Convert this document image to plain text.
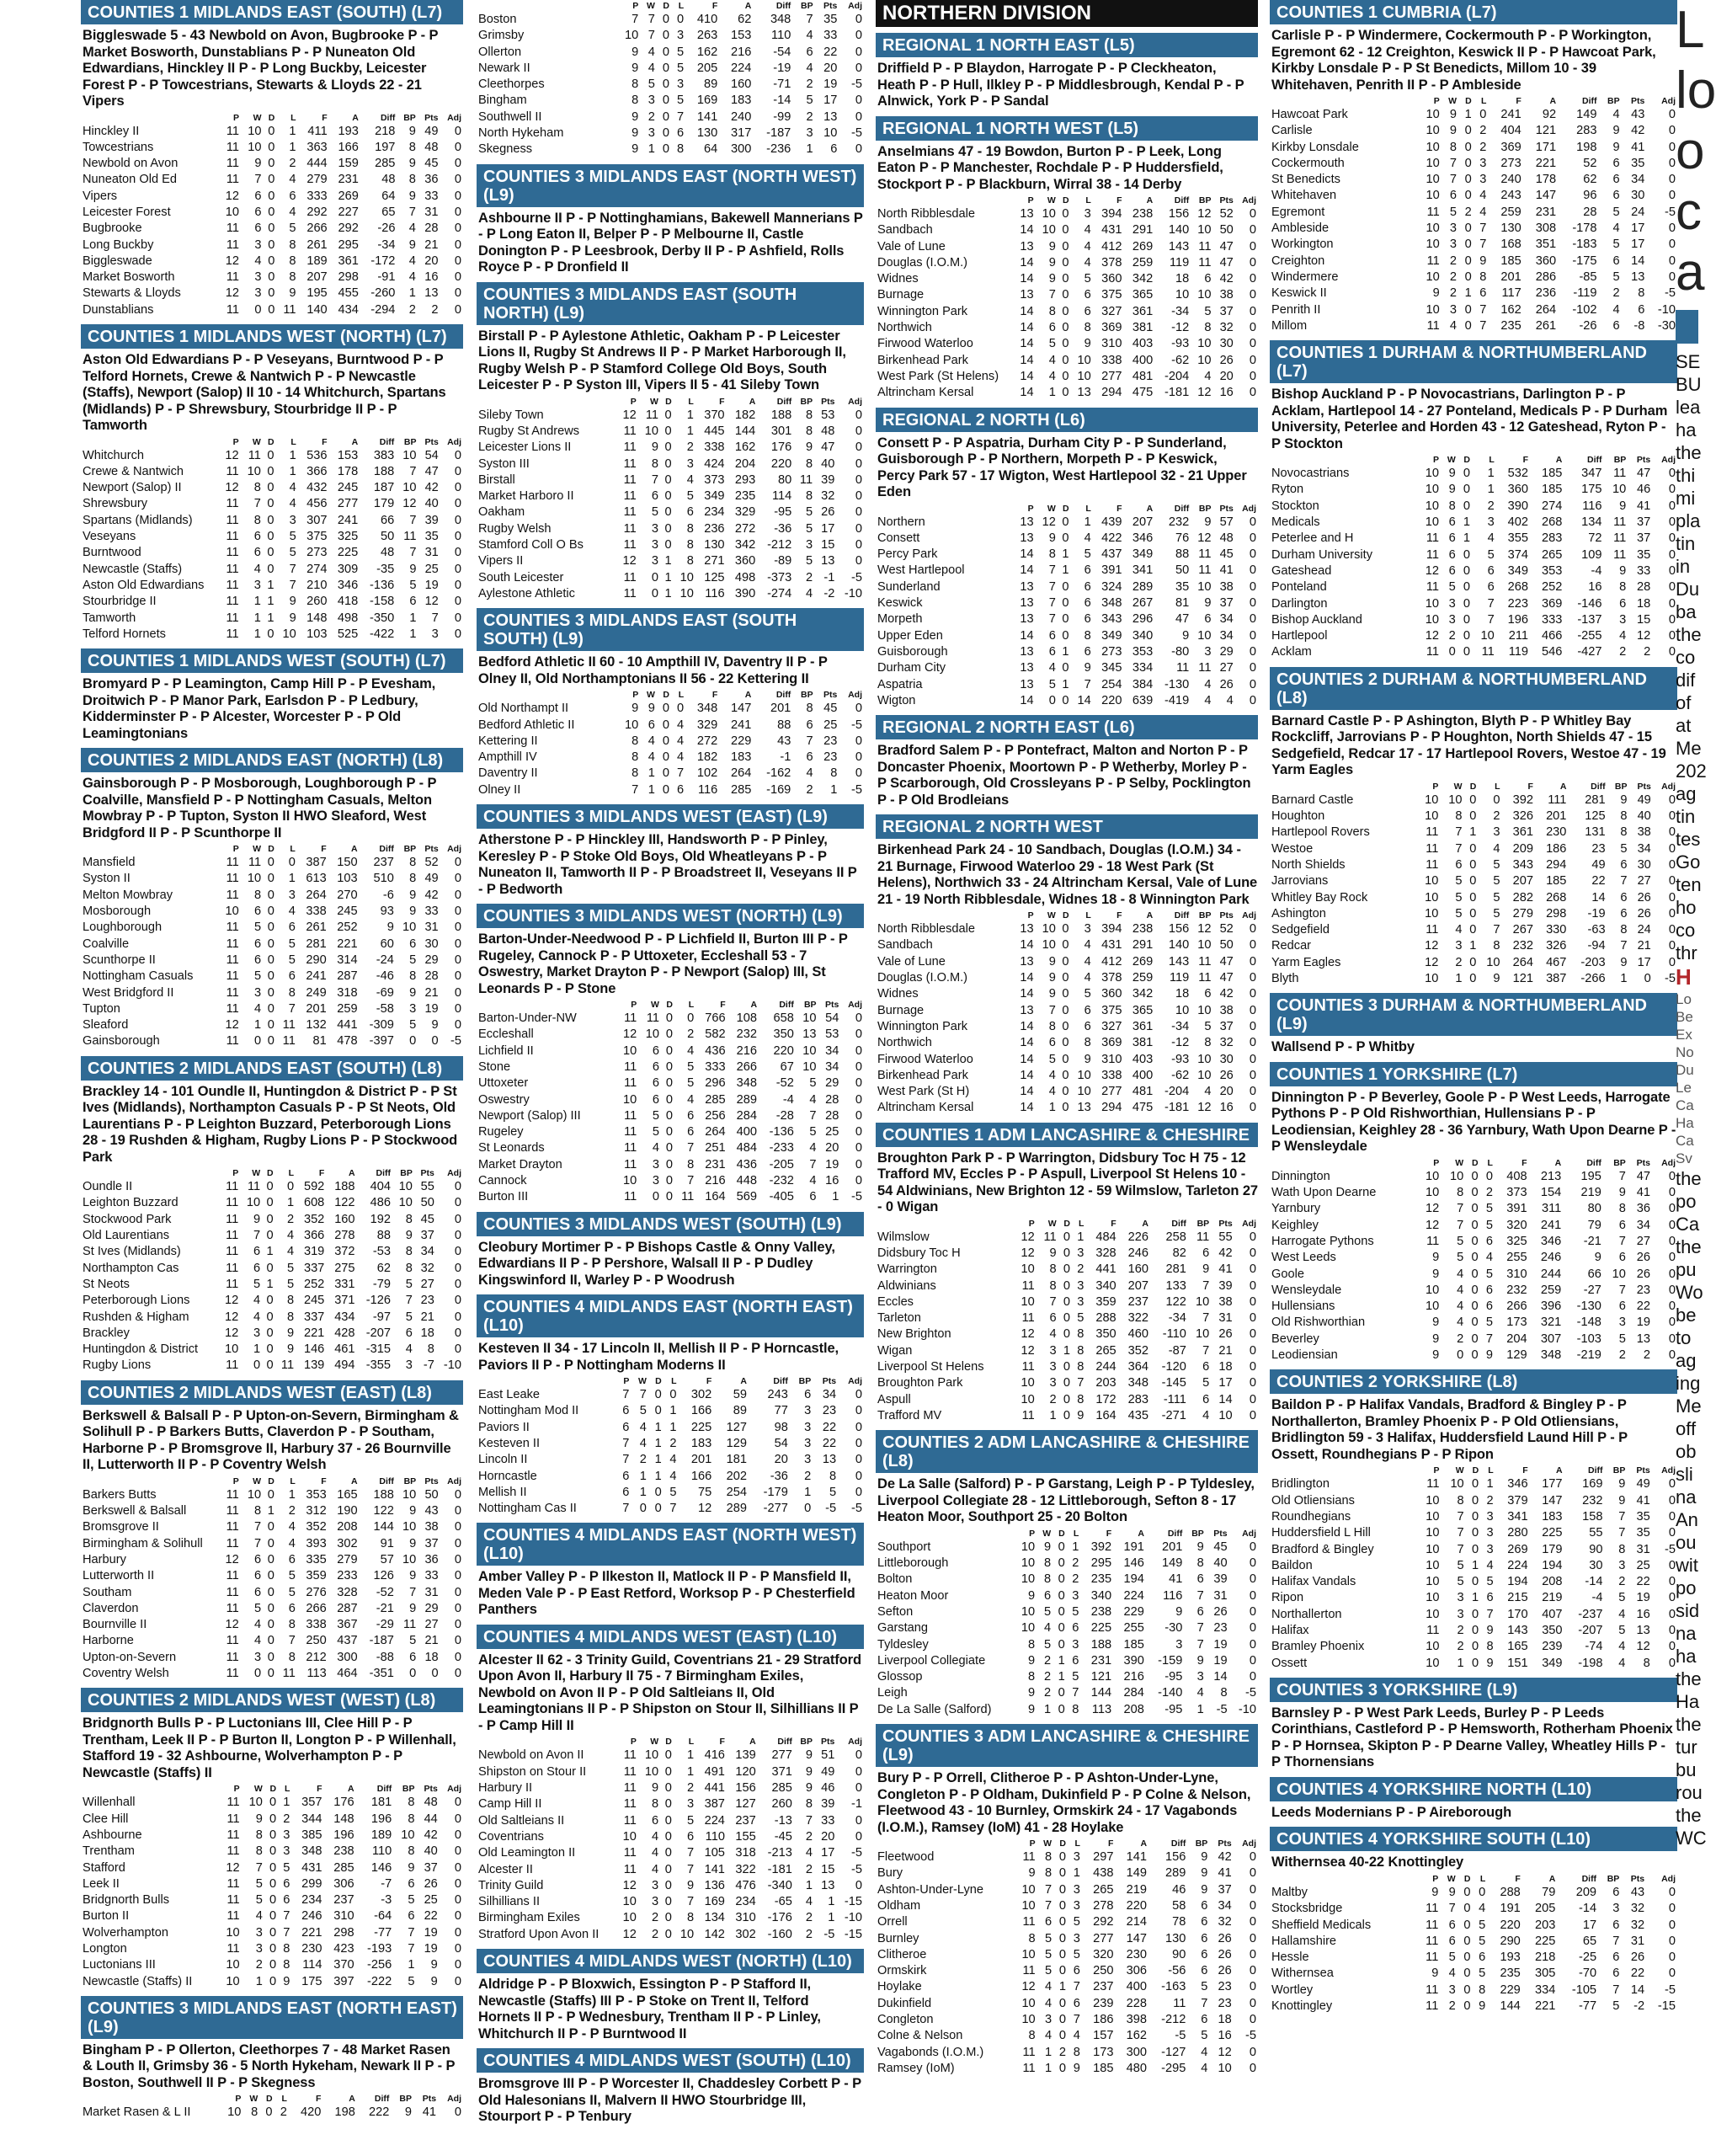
COUNTIES 1 MIDLANDS EAST (SOUTH) (L7)
Biggleswade 5 - 43 Newbold on Avon, Bugbrooke P - P Market Bosworth, Dunstablians P - P Nuneaton Old Edwardians, Hinckley II P - P Long Buckby, Leicester Forest P - P Towcestrians, Stewarts & Lloyds 22 - 21 Vipers
	P	W	D	L	F	A	Diff	BP	Pts	Adj
Hinckley II	11	10	0	1	411	193	218	9	49	0
Towcestrians	11	10	0	1	363	166	197	8	48	0
Newbold on Avon	11	9	0	2	444	159	285	9	45	0
Nuneaton Old Ed	11	7	0	4	279	231	48	8	36	0
Vipers	12	6	0	6	333	269	64	9	33	0
Leicester Forest	10	6	0	4	292	227	65	7	31	0
Bugbrooke	11	6	0	5	266	292	-26	4	28	0
Long Buckby	11	3	0	8	261	295	-34	9	21	0
Biggleswade	12	4	0	8	189	361	-172	4	20	0
Market Bosworth	11	3	0	8	207	298	-91	4	16	0
Stewarts & Lloyds	12	3	0	9	195	455	-260	1	13	0
Dunstablians	11	0	0	11	140	434	-294	2	2	0
COUNTIES 1 MIDLANDS WEST (NORTH) (L7)
Aston Old Edwardians P - P Veseyans, Burntwood P - P Telford Hornets, Crewe & Nantwich P - P Newcastle (Staffs), Newport (Salop) II 10 - 14 Whitchurch, Spartans (Midlands) P - P Shrewsbury, Stourbridge II P - P Tamworth
	P	W	D	L	F	A	Diff	BP	Pts	Adj
Whitchurch	12	11	0	1	536	153	383	10	54	0
Crewe & Nantwich	11	10	0	1	366	178	188	7	47	0
Newport (Salop) II	12	8	0	4	432	245	187	10	42	0
Shrewsbury	11	7	0	4	456	277	179	12	40	0
Spartans (Midlands)	11	8	0	3	307	241	66	7	39	0
Veseyans	11	6	0	5	375	325	50	11	35	0
Burntwood	11	6	0	5	273	225	48	7	31	0
Newcastle (Staffs)	11	4	0	7	274	309	-35	9	25	0
Aston Old Edwardians	11	3	1	7	210	346	-136	5	19	0
Stourbridge II	11	1	1	9	260	418	-158	6	12	0
Tamworth	11	1	1	9	148	498	-350	1	7	0
Telford Hornets	11	1	0	10	103	525	-422	1	3	0
COUNTIES 1 MIDLANDS WEST (SOUTH) (L7)
Bromyard P - P Leamington, Camp Hill P - P Evesham, Droitwich P - P Manor Park, Earlsdon P - P Ledbury, Kidderminster P - P Alcester, Worcester P - P Old Leamingtonians
COUNTIES 2 MIDLANDS EAST (NORTH) (L8)
Gainsborough P - P Mosborough, Loughborough P - P Coalville, Mansfield P - P Nottingham Casuals, Melton Mowbray P - P Tupton, Syston II HWO Sleaford, West Bridgford II P - P Scunthorpe II
	P	W	D	L	F	A	Diff	BP	Pts	Adj
Mansfield	11	11	0	0	387	150	237	8	52	0
Syston II	11	10	0	1	613	103	510	8	49	0
Melton Mowbray	11	8	0	3	264	270	-6	9	42	0
Mosborough	10	6	0	4	338	245	93	9	33	0
Loughborough	11	5	0	6	261	252	9	10	31	0
Coalville	11	6	0	5	281	221	60	6	30	0
Scunthorpe II	11	6	0	5	290	314	-24	5	29	0
Nottingham Casuals	11	5	0	6	241	287	-46	8	28	0
West Bridgford II	11	3	0	8	249	318	-69	9	21	0
Tupton	11	4	0	7	201	259	-58	3	19	0
Sleaford	12	1	0	11	132	441	-309	5	9	0
Gainsborough	11	0	0	11	81	478	-397	0	0	-5
COUNTIES 2 MIDLANDS EAST (SOUTH) (L8)
Brackley 14 - 101 Oundle II, Huntingdon & District P - P St Ives (Midlands), Northampton Casuals P - P St Neots, Old Laurentians P - P Leighton Buzzard, Peterborough Lions 28 - 19 Rushden & Higham, Rugby Lions P - P Stockwood Park
	P	W	D	L	F	A	Diff	BP	Pts	Adj
Oundle II	11	11	0	0	592	188	404	10	55	0
Leighton Buzzard	11	10	0	1	608	122	486	10	50	0
Stockwood Park	11	9	0	2	352	160	192	8	45	0
Old Laurentians	11	7	0	4	366	278	88	9	37	0
St Ives (Midlands)	11	6	1	4	319	372	-53	8	34	0
Northampton Cas	11	6	0	5	337	275	62	8	32	0
St Neots	11	5	1	5	252	331	-79	5	27	0
Peterborough Lions	12	4	0	8	245	371	-126	7	23	0
Rushden & Higham	12	4	0	8	337	434	-97	5	21	0
Brackley	12	3	0	9	221	428	-207	6	18	0
Huntingdon & District	10	1	0	9	146	461	-315	4	8	0
Rugby Lions	11	0	0	11	139	494	-355	3	-7	-10
COUNTIES 2 MIDLANDS WEST (EAST) (L8)
Berkswell & Balsall P - P Upton-on-Severn, Birmingham & Solihull P - P Barkers Butts, Claverdon P - P Southam, Harborne P - P Bromsgrove II, Harbury 37 - 26 Bournville II, Lutterworth II P - P Coventry Welsh
	P	W	D	L	F	A	Diff	BP	Pts	Adj
Barkers Butts	11	10	0	1	353	165	188	10	50	0
Berkswell & Balsall	11	8	1	2	312	190	122	9	43	0
Bromsgrove II	11	7	0	4	352	208	144	10	38	0
Birmingham & Solihull	11	7	0	4	393	302	91	9	37	0
Harbury	12	6	0	6	335	279	57	10	36	0
Lutterworth II	11	6	0	5	359	233	126	9	33	0
Southam	11	6	0	5	276	328	-52	7	31	0
Claverdon	11	5	0	6	266	287	-21	9	29	0
Bournville II	12	4	0	8	338	367	-29	11	27	0
Harborne	11	4	0	7	250	437	-187	5	21	0
Upton-on-Severn	11	3	0	8	212	300	-88	6	18	0
Coventry Welsh	11	0	0	11	113	464	-351	0	0	0
COUNTIES 2 MIDLANDS WEST (WEST) (L8)
Bridgnorth Bulls P - P Luctonians III, Clee Hill P - P Trentham, Leek II P - P Burton II, Longton P - P Willenhall, Stafford 19 - 32 Ashbourne, Wolverhampton P - P Newcastle (Staffs) II
	P	W	D	L	F	A	Diff	BP	Pts	Adj
Willenhall	11	10	0	1	357	176	181	8	48	0
Clee Hill	11	9	0	2	344	148	196	8	44	0
Ashbourne	11	8	0	3	385	196	189	10	42	0
Trentham	11	8	0	3	348	238	110	8	40	0
Stafford	12	7	0	5	431	285	146	9	37	0
Leek II	11	5	0	6	299	306	-7	6	26	0
Bridgnorth Bulls	11	5	0	6	234	237	-3	5	25	0
Burton II	11	4	0	7	246	310	-64	6	22	0
Wolverhampton	10	3	0	7	221	298	-77	7	19	0
Longton	11	3	0	8	230	423	-193	7	19	0
Luctonians III	10	2	0	8	114	370	-256	1	9	0
Newcastle (Staffs) II	10	1	0	9	175	397	-222	5	9	0
COUNTIES 3 MIDLANDS EAST (NORTH EAST) (L9)
Bingham P - P Ollerton, Cleethorpes 7 - 48 Market Rasen & Louth II, Grimsby 36 - 5 North Hykeham, Newark II P - P Boston, Southwell II P - P Skegness
	P	W	D	L	F	A	Diff	BP	Pts	Adj
Market Rasen & L II	10	8	0	2	420	198	222	9	41	0
	P	W	D	L	F	A	Diff	BP	Pts	Adj
Boston	7	7	0	0	410	62	348	7	35	0
Grimsby	10	7	0	3	263	153	110	4	33	0
Ollerton	9	4	0	5	162	216	-54	6	22	0
Newark II	9	4	0	5	205	224	-19	4	20	0
Cleethorpes	8	5	0	3	89	160	-71	2	19	-5
Bingham	8	3	0	5	169	183	-14	5	17	0
Southwell II	9	2	0	7	141	240	-99	2	13	0
North Hykeham	9	3	0	6	130	317	-187	3	10	-5
Skegness	9	1	0	8	64	300	-236	1	6	0
COUNTIES 3 MIDLANDS EAST (NORTH WEST) (L9)
Ashbourne II P - P Nottinghamians, Bakewell Mannerians P - P Long Eaton II, Belper P - P Melbourne II, Castle Donington P - P Leesbrook, Derby II P - P Ashfield, Rolls Royce P - P Dronfield II
COUNTIES 3 MIDLANDS EAST (SOUTH NORTH) (L9)
Birstall P - P Aylestone Athletic, Oakham P - P Leicester Lions II, Rugby St Andrews II P - P Market Harborough II, Rugby Welsh P - P Stamford College Old Boys, South Leicester P - P Syston III, Vipers II 5 - 41 Sileby Town
	P	W	D	L	F	A	Diff	BP	Pts	Adj
Sileby Town	12	11	0	1	370	182	188	8	53	0
Rugby St Andrews	11	10	0	1	445	144	301	8	48	0
Leicester Lions II	11	9	0	2	338	162	176	9	47	0
Syston III	11	8	0	3	424	204	220	8	40	0
Birstall	11	7	0	4	373	293	80	11	39	0
Market Harboro II	11	6	0	5	349	235	114	8	32	0
Oakham	11	5	0	6	234	329	-95	5	26	0
Rugby Welsh	11	3	0	8	236	272	-36	5	17	0
Stamford Coll O Bs	11	3	0	8	130	342	-212	3	15	0
Vipers II	12	3	1	8	271	360	-89	5	13	0
South Leicester	11	0	1	10	125	498	-373	2	-1	-5
Aylestone Athletic	11	0	1	10	116	390	-274	4	-2	-10
COUNTIES 3 MIDLANDS EAST (SOUTH SOUTH) (L9)
Bedford Athletic II 60 - 10 Ampthill IV, Daventry II P - P Olney II, Old Northamptonians II 56 - 22 Kettering II
	P	W	D	L	F	A	Diff	BP	Pts	Adj
Old Northampt II	9	9	0	0	348	147	201	8	45	0
Bedford Athletic II	10	6	0	4	329	241	88	6	25	-5
Kettering II	8	4	0	4	272	229	43	7	23	0
Ampthill IV	8	4	0	4	182	183	-1	6	23	0
Daventry II	8	1	0	7	102	264	-162	4	8	0
Olney II	7	1	0	6	116	285	-169	2	1	-5
COUNTIES 3 MIDLANDS WEST (EAST) (L9)
Atherstone P - P Hinckley III, Handsworth P - P Pinley, Keresley P - P Stoke Old Boys, Old Wheatleyans P - P Nuneaton II, Tamworth II P - P Broadstreet II, Veseyans II P - P Bedworth
COUNTIES 3 MIDLANDS WEST (NORTH) (L9)
Barton-Under-Needwood P - P Lichfield II, Burton III P - P Rugeley, Cannock P - P Uttoxeter, Eccleshall 53 - 7 Oswestry, Market Drayton P - P Newport (Salop) III, St Leonards P - P Stone
	P	W	D	L	F	A	Diff	BP	Pts	Adj
Barton-Under-NW	11	11	0	0	766	108	658	10	54	0
Eccleshall	12	10	0	2	582	232	350	13	53	0
Lichfield II	10	6	0	4	436	216	220	10	34	0
Stone	11	6	0	5	333	266	67	10	34	0
Uttoxeter	11	6	0	5	296	348	-52	5	29	0
Oswestry	10	6	0	4	285	289	-4	4	28	0
Newport (Salop) III	11	5	0	6	256	284	-28	7	28	0
Rugeley	11	5	0	6	264	400	-136	5	25	0
St Leonards	11	4	0	7	251	484	-233	4	20	0
Market Drayton	11	3	0	8	231	436	-205	7	19	0
Cannock	10	3	0	7	216	448	-232	4	16	0
Burton III	11	0	0	11	164	569	-405	6	1	-5
COUNTIES 3 MIDLANDS WEST (SOUTH) (L9)
Cleobury Mortimer P - P Bishops Castle & Onny Valley, Edwardians II P - P Pershore, Walsall II P - P Dudley Kingswinford II, Warley P - P Woodrush
COUNTIES 4 MIDLANDS EAST (NORTH EAST) (L10)
Kesteven II 34 - 17 Lincoln II, Mellish II P - P Horncastle, Paviors II P - P Nottingham Moderns II
	P	W	D	L	F	A	Diff	BP	Pts	Adj
East Leake	7	7	0	0	302	59	243	6	34	0
Nottingham Mod II	6	5	0	1	166	89	77	3	23	0
Paviors II	6	4	1	1	225	127	98	3	22	0
Kesteven II	7	4	1	2	183	129	54	3	22	0
Lincoln II	7	2	1	4	201	181	20	3	13	0
Horncastle	6	1	1	4	166	202	-36	2	8	0
Mellish II	6	1	0	5	75	254	-179	1	5	0
Nottingham Cas II	7	0	0	7	12	289	-277	0	-5	-5
COUNTIES 4 MIDLANDS EAST (NORTH WEST) (L10)
Amber Valley P - P Ilkeston II, Matlock II P - P Mansfield II, Meden Vale P - P East Retford, Worksop P - P Chesterfield Panthers
COUNTIES 4 MIDLANDS WEST (EAST) (L10)
Alcester II 62 - 3 Trinity Guild, Coventrians 21 - 29 Stratford Upon Avon II, Harbury II 75 - 7 Birmingham Exiles, Newbold on Avon II P - P Old Saltleians II, Old Leamingtonians II P - P Shipston on Stour II, Silhillians II P - P Camp Hill II
	P	W	D	L	F	A	Diff	BP	Pts	Adj
Newbold on Avon II	11	10	0	1	416	139	277	9	51	0
Shipston on Stour II	11	10	0	1	491	120	371	9	49	0
Harbury II	11	9	0	2	441	156	285	9	46	0
Camp Hill II	11	8	0	3	387	127	260	8	39	-1
Old Saltleians II	11	6	0	5	224	237	-13	7	33	0
Coventrians	10	4	0	6	110	155	-45	2	20	0
Old Leamington II	11	4	0	7	105	318	-213	4	17	-5
Alcester II	11	4	0	7	141	322	-181	2	15	-5
Trinity Guild	12	3	0	9	136	476	-340	1	13	0
Silhillians II	10	3	0	7	169	234	-65	4	1	-15
Birmingham Exiles	10	2	0	8	134	310	-176	2	1	-10
Stratford Upon Avon II	12	2	0	10	142	302	-160	2	-5	-15
COUNTIES 4 MIDLANDS WEST (NORTH) (L10)
Aldridge P - P Bloxwich, Essington P - P Stafford II, Newcastle (Staffs) III P - P Stoke on Trent II, Telford Hornets II P - P Wednesbury, Trentham II P - P Linley, Whitchurch II P - P Burntwood II
COUNTIES 4 MIDLANDS WEST (SOUTH) (L10)
Bromsgrove III P - P Worcester II, Chaddesley Corbett P - P Old Halesonians II, Malvern II HWO Stourbridge III, Stourport P - P Tenbury
NORTHERN DIVISION
REGIONAL 1 NORTH EAST (L5)
Driffield P - P Blaydon, Harrogate P - P Cleckheaton, Heath P - P Hull, Ilkley P - P Middlesbrough, Kendal P - P Alnwick, York P - P Sandal
REGIONAL 1 NORTH WEST (L5)
Anselmians 47 - 19 Bowdon, Burton P - P Leek, Long Eaton P - P Manchester, Rochdale P - P Huddersfield, Stockport P - P Blackburn, Wirral 38 - 14 Derby
	P	W	D	L	F	A	Diff	BP	Pts	Adj
North Ribblesdale	13	10	0	3	394	238	156	12	52	0
Sandbach	14	10	0	4	431	291	140	10	50	0
Vale of Lune	13	9	0	4	412	269	143	11	47	0
Douglas (I.O.M.)	14	9	0	4	378	259	119	11	47	0
Widnes	14	9	0	5	360	342	18	6	42	0
Burnage	13	7	0	6	375	365	10	10	38	0
Winnington Park	14	8	0	6	327	361	-34	5	37	0
Northwich	14	6	0	8	369	381	-12	8	32	0
Firwood Waterloo	14	5	0	9	310	403	-93	10	30	0
Birkenhead Park	14	4	0	10	338	400	-62	10	26	0
West Park (St Helens)	14	4	0	10	277	481	-204	4	20	0
Altrincham Kersal	14	1	0	13	294	475	-181	12	16	0
REGIONAL 2 NORTH (L6)
Consett P - P Aspatria, Durham City P - P Sunderland, Guisborough P - P Northern, Morpeth P - P Keswick, Percy Park 57 - 17 Wigton, West Hartlepool 32 - 21 Upper Eden
	P	W	D	L	F	A	Diff	BP	Pts	Adj
Northern	13	12	0	1	439	207	232	9	57	0
Consett	13	9	0	4	422	346	76	12	48	0
Percy Park	14	8	1	5	437	349	88	11	45	0
West Hartlepool	14	7	1	6	391	341	50	11	41	0
Sunderland	13	7	0	6	324	289	35	10	38	0
Keswick	13	7	0	6	348	267	81	9	37	0
Morpeth	13	7	0	6	343	296	47	6	34	0
Upper Eden	14	6	0	8	349	340	9	10	34	0
Guisborough	13	6	1	6	273	353	-80	3	29	0
Durham City	13	4	0	9	345	334	11	11	27	0
Aspatria	13	5	1	7	254	384	-130	4	26	0
Wigton	14	0	0	14	220	639	-419	4	4	0
REGIONAL 2 NORTH EAST (L6)
Bradford Salem P - P Pontefract, Malton and Norton P - P Doncaster Phoenix, Moortown P - P Wetherby, Morley P - P Scarborough, Old Crossleyans P - P Selby, Pocklington P - P Old Brodleians
REGIONAL 2 NORTH WEST
Birkenhead Park 24 - 10 Sandbach, Douglas (I.O.M.) 34 - 21 Burnage, Firwood Waterloo 29 - 18 West Park (St Helens), Northwich 33 - 24 Altrincham Kersal, Vale of Lune 21 - 19 North Ribblesdale, Widnes 18 - 8 Winnington Park
	P	W	D	L	F	A	Diff	BP	Pts	Adj
North Ribblesdale	13	10	0	3	394	238	156	12	52	0
Sandbach	14	10	0	4	431	291	140	10	50	0
Vale of Lune	13	9	0	4	412	269	143	11	47	0
Douglas (I.O.M.)	14	9	0	4	378	259	119	11	47	0
Widnes	14	9	0	5	360	342	18	6	42	0
Burnage	13	7	0	6	375	365	10	10	38	0
Winnington Park	14	8	0	6	327	361	-34	5	37	0
Northwich	14	6	0	8	369	381	-12	8	32	0
Firwood Waterloo	14	5	0	9	310	403	-93	10	30	0
Birkenhead Park	14	4	0	10	338	400	-62	10	26	0
West Park (St H)	14	4	0	10	277	481	-204	4	20	0
Altrincham Kersal	14	1	0	13	294	475	-181	12	16	0
COUNTIES 1 ADM LANCASHIRE & CHESHIRE
Broughton Park P - P Warrington, Didsbury Toc H 75 - 12 Trafford MV, Eccles P - P Aspull, Liverpool St Helens 10 - 54 Aldwinians, New Brighton 12 - 59 Wilmslow, Tarleton 27 - 0 Wigan
	P	W	D	L	F	A	Diff	BP	Pts	Adj
Wilmslow	12	11	0	1	484	226	258	11	55	0
Didsbury Toc H	12	9	0	3	328	246	82	6	42	0
Warrington	10	8	0	2	441	160	281	9	41	0
Aldwinians	11	8	0	3	340	207	133	7	39	0
Eccles	10	7	0	3	359	237	122	10	38	0
Tarleton	11	6	0	5	288	322	-34	7	31	0
New Brighton	12	4	0	8	350	460	-110	10	26	0
Wigan	12	3	1	8	265	352	-87	7	21	0
Liverpool St Helens	11	3	0	8	244	364	-120	6	18	0
Broughton Park	10	3	0	7	203	348	-145	5	17	0
Aspull	10	2	0	8	172	283	-111	6	14	0
Trafford MV	11	1	0	9	164	435	-271	4	10	0
COUNTIES 2 ADM LANCASHIRE & CHESHIRE (L8)
De La Salle (Salford) P - P Garstang, Leigh P - P Tyldesley, Liverpool Collegiate 28 - 12 Littleborough, Sefton 8 - 17 Heaton Moor, Southport 25 - 20 Bolton
	P	W	D	L	F	A	Diff	BP	Pts	Adj
Southport	10	9	0	1	392	191	201	9	45	0
Littleborough	10	8	0	2	295	146	149	8	40	0
Bolton	10	8	0	2	235	194	41	6	39	0
Heaton Moor	9	6	0	3	340	224	116	7	31	0
Sefton	10	5	0	5	238	229	9	6	26	0
Garstang	10	4	0	6	225	255	-30	7	23	0
Tyldesley	8	5	0	3	188	185	3	7	19	0
Liverpool Collegiate	9	2	1	6	231	390	-159	9	19	0
Glossop	8	2	1	5	121	216	-95	3	14	0
Leigh	9	2	0	7	144	284	-140	4	8	-5
De La Salle (Salford)	9	1	0	8	113	208	-95	1	-5	-10
COUNTIES 3 ADM LANCASHIRE & CHESHIRE (L9)
Bury P - P Orrell, Clitheroe P - P Ashton-Under-Lyne, Congleton P - P Oldham, Dukinfield P - P Colne & Nelson, Fleetwood 43 - 10 Burnley, Ormskirk 24 - 17 Vagabonds (I.O.M.), Ramsey (IoM) 41 - 28 Hoylake
	P	W	D	L	F	A	Diff	BP	Pts	Adj
Fleetwood	11	8	0	3	297	141	156	9	42	0
Bury	9	8	0	1	438	149	289	9	41	0
Ashton-Under-Lyne	10	7	0	3	265	219	46	9	37	0
Oldham	10	7	0	3	278	220	58	6	34	0
Orrell	11	6	0	5	292	214	78	6	32	0
Burnley	8	5	0	3	277	147	130	6	26	0
Clitheroe	10	5	0	5	320	230	90	6	26	0
Ormskirk	11	5	0	6	250	306	-56	6	26	0
Hoylake	12	4	1	7	237	400	-163	5	23	0
Dukinfield	10	4	0	6	239	228	11	7	23	0
Congleton	10	3	0	7	186	398	-212	6	18	0
Colne & Nelson	8	4	0	4	157	162	-5	5	16	-5
Vagabonds (I.O.M.)	11	1	2	8	173	300	-127	4	12	0
Ramsey (IoM)	11	1	0	9	185	480	-295	4	10	0
COUNTIES 1 CUMBRIA (L7)
Carlisle P - P Windermere, Cockermouth P - P Workington, Egremont 62 - 12 Creighton, Keswick II P - P Hawcoat Park, Kirkby Lonsdale P - P St Benedicts, Millom 10 - 39 Whitehaven, Penrith II P - P Ambleside
	P	W	D	L	F	A	Diff	BP	Pts	Adj
Hawcoat Park	10	9	1	0	241	92	149	4	43	0
Carlisle	10	9	0	2	404	121	283	9	42	0
Kirkby Lonsdale	10	8	0	2	369	171	198	9	41	0
Cockermouth	10	7	0	3	273	221	52	6	35	0
St Benedicts	10	7	0	3	240	178	62	6	34	0
Whitehaven	10	6	0	4	243	147	96	6	30	0
Egremont	11	5	2	4	259	231	28	5	24	-5
Ambleside	10	3	0	7	130	308	-178	4	17	0
Workington	10	3	0	7	168	351	-183	5	17	0
Creighton	11	2	0	9	185	360	-175	6	14	0
Windermere	10	2	0	8	201	286	-85	5	13	0
Keswick II	9	2	1	6	117	236	-119	2	8	-5
Penrith II	10	3	0	7	162	264	-102	4	6	-10
Millom	11	4	0	7	235	261	-26	6	-8	-30
COUNTIES 1 DURHAM & NORTHUMBERLAND (L7)
Bishop Auckland P - P Novocastrians, Darlington P - P Acklam, Hartlepool 14 - 27 Ponteland, Medicals P - P Durham University, Peterlee and Horden 43 - 12 Gateshead, Ryton P - P Stockton
	P	W	D	L	F	A	Diff	BP	Pts	Adj
Novocastrians	10	9	0	1	532	185	347	11	47	0
Ryton	10	9	0	1	360	185	175	10	46	0
Stockton	10	8	0	2	390	274	116	9	41	0
Medicals	10	6	1	3	402	268	134	11	37	0
Peterlee and H	11	6	1	4	355	283	72	11	37	0
Durham University	11	6	0	5	374	265	109	11	35	0
Gateshead	12	6	0	6	349	353	-4	9	33	0
Ponteland	11	5	0	6	268	252	16	8	28	0
Darlington	10	3	0	7	223	369	-146	6	18	0
Bishop Auckland	10	3	0	7	196	333	-137	3	15	0
Hartlepool	12	2	0	10	211	466	-255	4	12	0
Acklam	11	0	0	11	119	546	-427	2	2	0
COUNTIES 2 DURHAM & NORTHUMBERLAND (L8)
Barnard Castle P - P Ashington, Blyth P - P Whitley Bay Rockcliff, Jarrovians P - P Houghton, North Shields 47 - 15 Sedgefield, Redcar 17 - 17 Hartlepool Rovers, Westoe 47 - 19 Yarm Eagles
	P	W	D	L	F	A	Diff	BP	Pts	Adj
Barnard Castle	10	10	0	0	392	111	281	9	49	0
Houghton	10	8	0	2	326	201	125	8	40	0
Hartlepool Rovers	11	7	1	3	361	230	131	8	38	0
Westoe	11	7	0	4	209	186	23	5	34	0
North Shields	11	6	0	5	343	294	49	6	30	0
Jarrovians	10	5	0	5	207	185	22	7	27	0
Whitley Bay Rock	10	5	0	5	282	268	14	6	26	0
Ashington	10	5	0	5	279	298	-19	6	26	0
Sedgefield	11	4	0	7	267	330	-63	8	24	0
Redcar	12	3	1	8	232	326	-94	7	21	0
Yarm Eagles	12	2	0	10	264	467	-203	9	17	0
Blyth	10	1	0	9	121	387	-266	1	0	-5
COUNTIES 3 DURHAM & NORTHUMBERLAND (L9)
Wallsend P - P Whitby
COUNTIES 1 YORKSHIRE (L7)
Dinnington P - P Beverley, Goole P - P West Leeds, Harrogate Pythons P - P Old Rishworthian, Hullensians P - P Leodiensian, Keighley 28 - 36 Yarnbury, Wath Upon Dearne P - P Wensleydale
	P	W	D	L	F	A	Diff	BP	Pts	Adj
Dinnington	10	10	0	0	408	213	195	7	47	0
Wath Upon Dearne	10	8	0	2	373	154	219	9	41	0
Yarnbury	12	7	0	5	391	311	80	8	36	0
Keighley	12	7	0	5	320	241	79	6	34	0
Harrogate Pythons	11	5	0	6	325	346	-21	7	27	0
West Leeds	9	5	0	4	255	246	9	6	26	0
Goole	9	4	0	5	310	244	66	10	26	0
Wensleydale	10	4	0	6	232	259	-27	7	23	0
Hullensians	10	4	0	6	266	396	-130	6	22	0
Old Rishworthian	9	4	0	5	173	321	-148	3	19	0
Beverley	9	2	0	7	204	307	-103	5	13	0
Leodiensian	9	0	0	9	129	348	-219	2	2	0
COUNTIES 2 YORKSHIRE (L8)
Baildon P - P Halifax Vandals, Bradford & Bingley P - P Northallerton, Bramley Phoenix P - P Old Otliensians, Bridlington 59 - 3 Halifax, Huddersfield Laund Hill P - P Ossett, Roundhegians P - P Ripon
	P	W	D	L	F	A	Diff	BP	Pts	Adj
Bridlington	11	10	0	1	346	177	169	9	49	0
Old Otliensians	10	8	0	2	379	147	232	9	41	0
Roundhegians	10	7	0	3	341	183	158	7	35	0
Huddersfield L Hill	10	7	0	3	280	225	55	7	35	0
Bradford & Bingley	10	7	0	3	269	179	90	8	31	-5
Baildon	10	5	1	4	224	194	30	3	25	0
Halifax Vandals	10	5	0	5	194	208	-14	2	22	0
Ripon	10	3	1	6	215	219	-4	5	19	0
Northallerton	10	3	0	7	170	407	-237	4	16	0
Halifax	11	2	0	9	143	350	-207	5	13	0
Bramley Phoenix	10	2	0	8	165	239	-74	4	12	0
Ossett	10	1	0	9	151	349	-198	4	8	0
COUNTIES 3 YORKSHIRE (L9)
Barnsley P - P West Park Leeds, Burley P - P Leeds Corinthians, Castleford P - P Hemsworth, Rotherham Phoenix P - P Hornsea, Skipton P - P Dearne Valley, Wheatley Hills P - P Thornensians
COUNTIES 4 YORKSHIRE NORTH (L10)
Leeds Modernians P - P Aireborough
COUNTIES 4 YORKSHIRE SOUTH (L10)
Withernsea 40-22 Knottingley
	P	W	D	L	F	A	Diff	BP	Pts	Adj
Maltby	9	9	0	0	288	79	209	6	43	0
Stocksbridge	11	7	0	4	191	205	-14	3	32	0
Sheffield Medicals	11	6	0	5	220	203	17	6	32	0
Hallamshire	11	6	0	5	290	225	65	7	31	0
Hessle	11	5	0	6	193	218	-25	6	26	0
Withernsea	9	4	0	5	235	305	-70	6	22	0
Wortley	11	3	0	8	229	334	-105	7	14	-5
Knottingley	11	2	0	9	144	221	-77	5	-2	-15
L
lo
o
c
a
SE
BU
lea
ha
the
thi
mi
pla
tin
in
Du
ba
the
co
dif
of
at
Me
202
ag
tin
tes
Go
ten
ho
co
thr
H
Lo
Be
Ex
No
Du
Le
Ca
Ha
Ca
Sv
the
po
Ca
the
pu
Wo
be
to
ag
ing
Me
off
ob
sli
na
An
ou
wit
po
sid
na
ha
the
Ha
the
tur
bu
rou
the
WC
